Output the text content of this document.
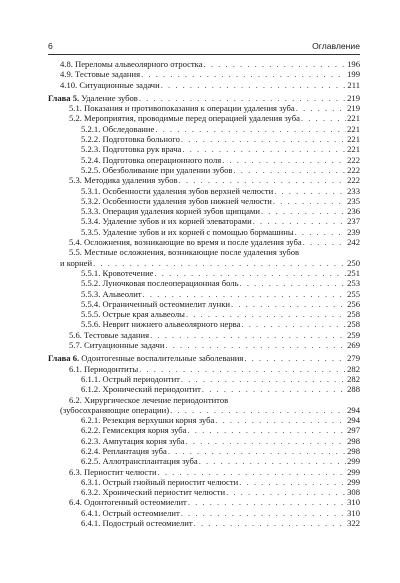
6	Оглавление
4.8. Переломы альвеолярного отростка . . .	196
4.9. Тестовые задания . . .	199
4.10. Ситуационные задачи . . .	211
Глава 5. Удаление зубов . . .	219
5.1. Показания и противопоказания к операции удаления зуба . . .	219
5.2. Мероприятия, проводимые перед операцией удаления зуба . . .	221
5.2.1. Обследование . . .	221
5.2.2. Подготовка больного . . .	221
5.2.3. Подготовка рук врача . . .	221
5.2.4. Подготовка операционного поля . . .	222
5.2.5. Обезболивание при удалении зубов . . .	222
5.3. Методика удаления зубов . . .	222
5.3.1. Особенности удаления зубов верхней челюсти . . .	233
5.3.2. Особенности удаления зубов нижней челюсти . . .	235
5.3.3. Операция удаления корней зубов щипцами . . .	236
5.3.4. Удаление зубов и их корней элеваторами . . .	237
5.3.5. Удаление зубов и их корней с помощью бормашины . . .	239
5.4. Осложнения, возникающие во время и после удаления зуба . . .	242
5.5. Местные осложнения, возникающие после удаления зубов
и корней . . .	250
5.5.1. Кровотечение . . .	251
5.5.2. Луночковая послеоперационная боль . . .	253
5.5.3. Альвеолит . . .	255
5.5.4. Ограниченный остеомиелит лунки . . .	256
5.5.5. Острые края альвеолы . . .	258
5.5.6. Неврит нижнего альвеолярного нерва . . .	258
5.6. Тестовые задания . . .	259
5.7. Ситуационные задачи . . .	269
Глава 6. Одонтогенные воспалительные заболевания . . .	279
6.1. Периодонтиты . . .	282
6.1.1. Острый периодонтит . . .	282
6.1.2. Хронический периодонтит . . .	288
6.2. Хирургическое лечение периодонтитов
(зубосохраняющие операции) . . .	294
6.2.1. Резекция верхушки корня зуба . . .	294
6.2.2. Гемисекция корня зуба . . .	297
6.2.3. Ампутация корня зуба . . .	298
6.2.4. Реплантация зуба . . .	298
6.2.5. Аллотрансплантация зуба . . .	299
6.3. Периостит челюсти . . .	299
6.3.1. Острый гнойный периостит челюсти . . .	299
6.3.2. Хронический периостит челюсти . . .	308
6.4. Одонтогенный остеомиелит . . .	310
6.4.1. Острый остеомиелит . . .	310
6.4.1. Подострый остеомиелит . . .	322
